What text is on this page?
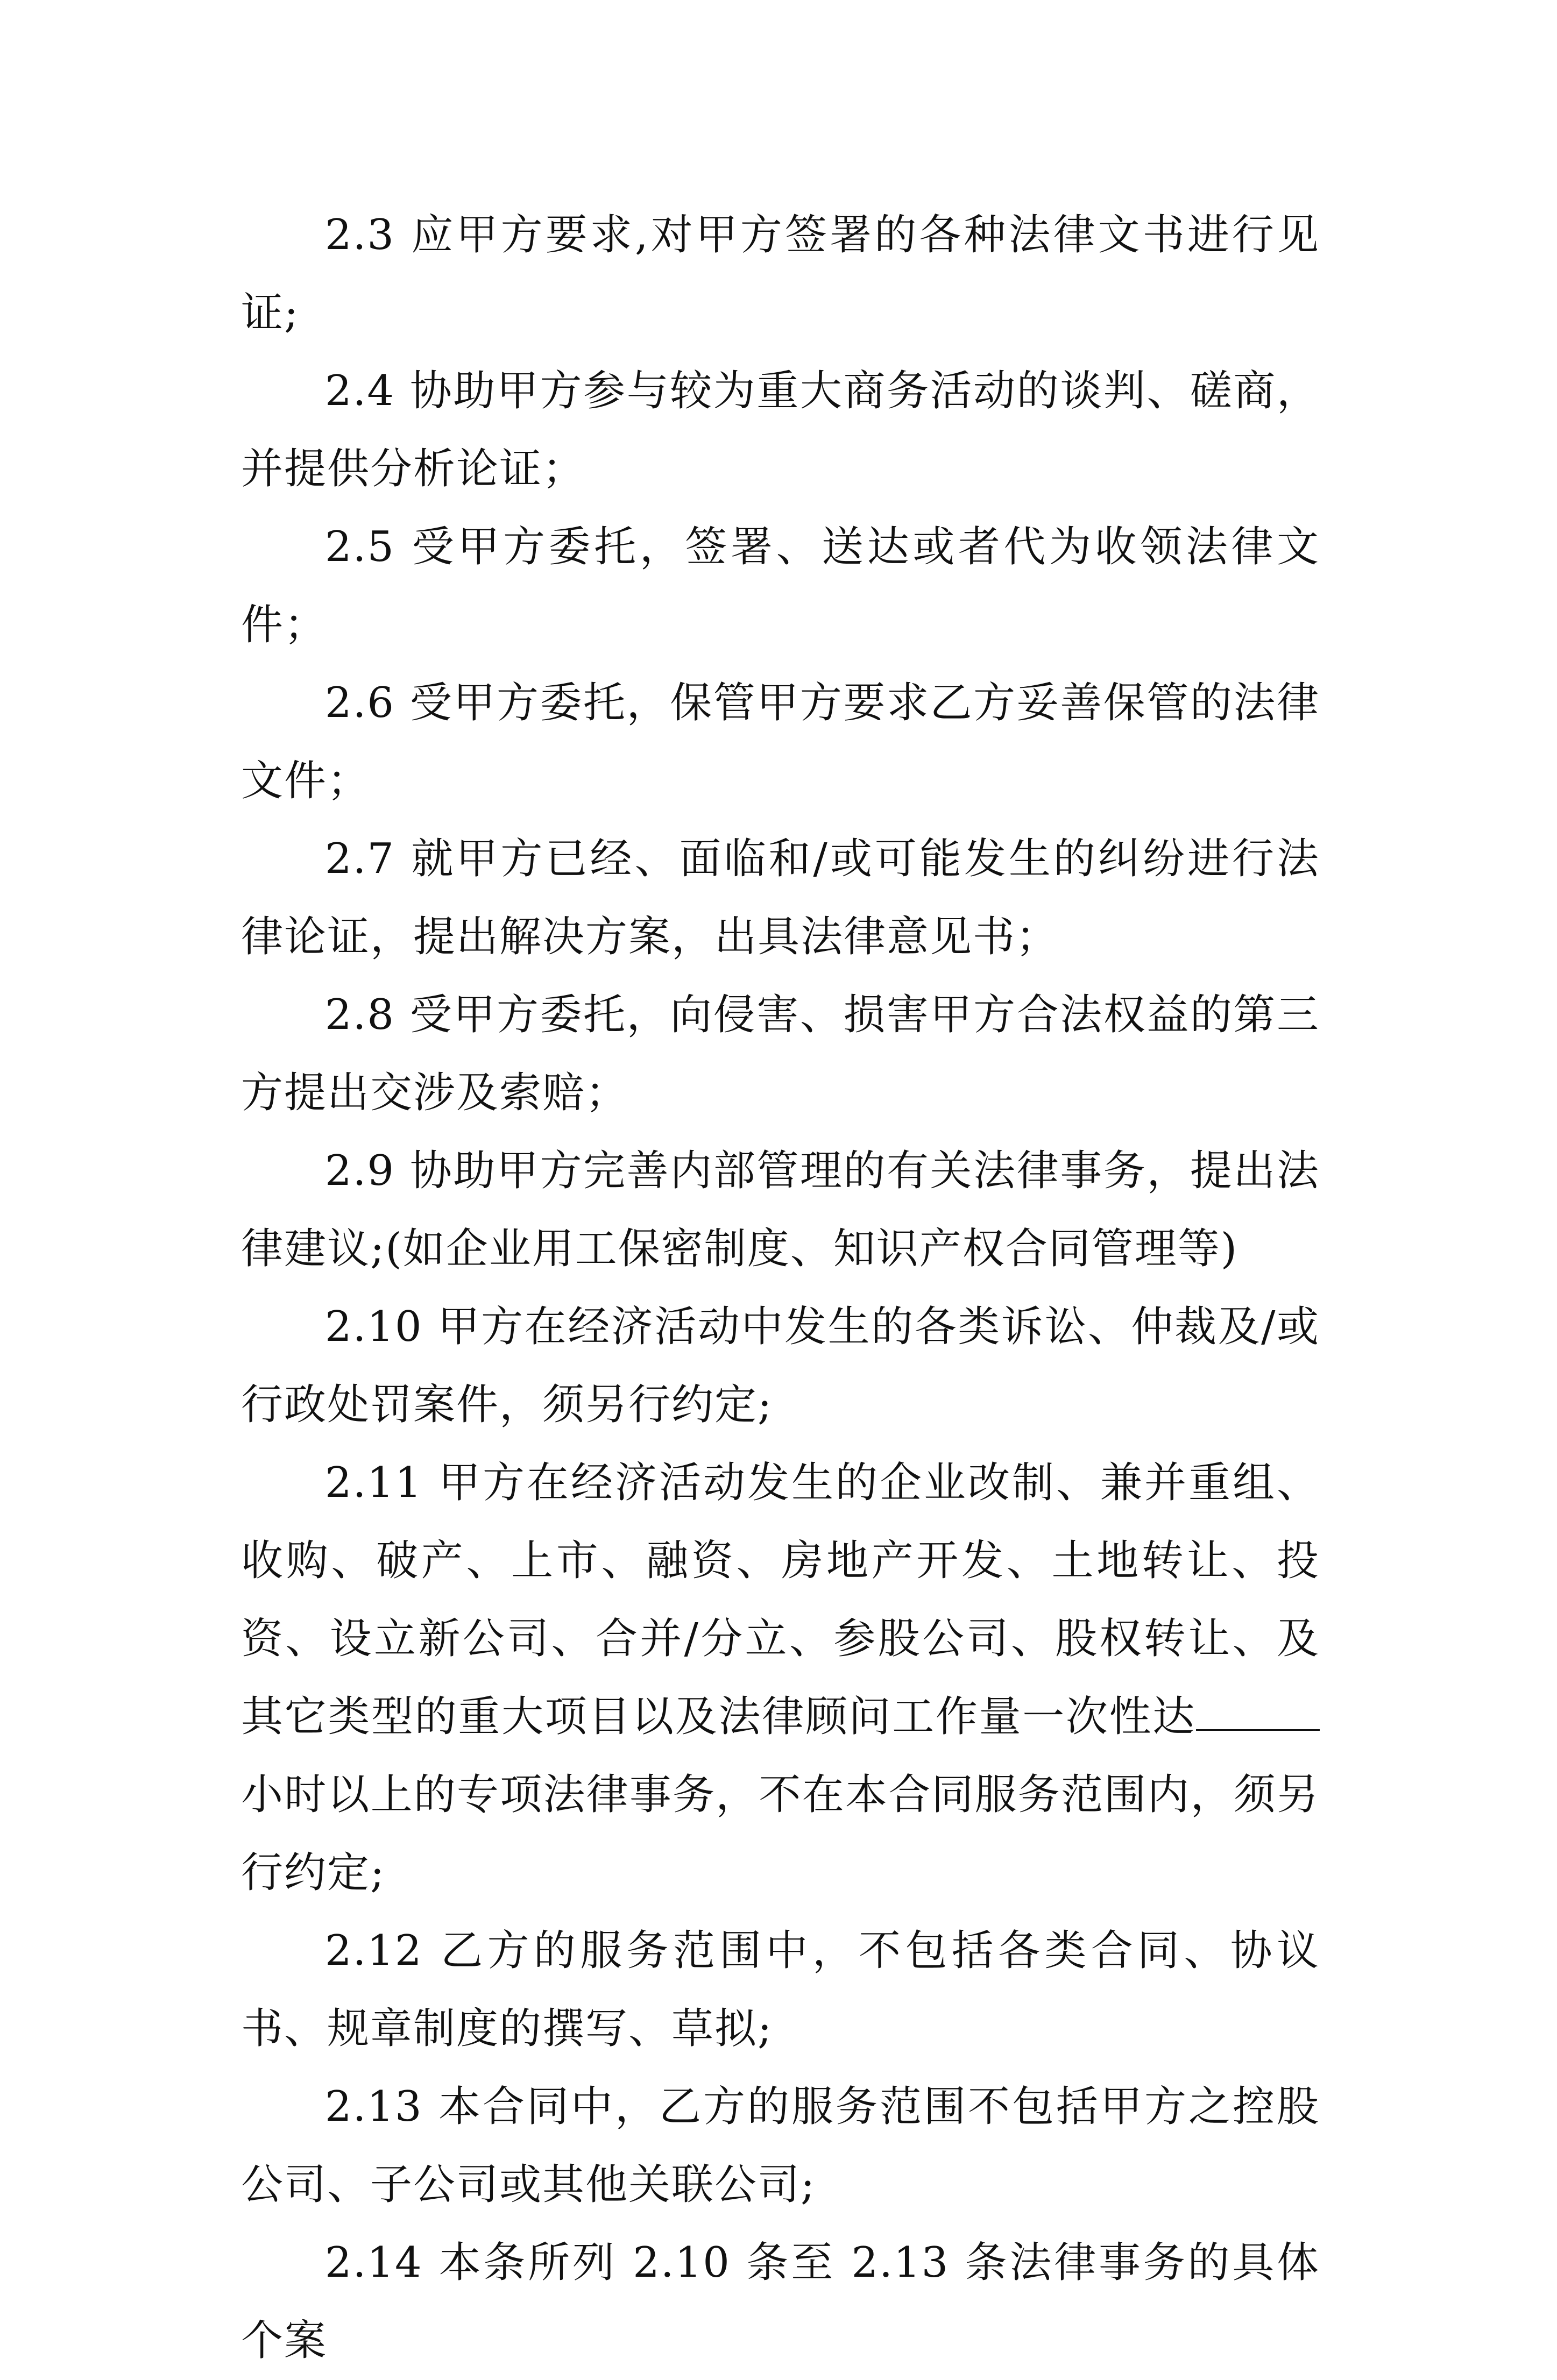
2.3 应甲方要求,对甲方签署的各种法律文书进行见证;

2.4 协助甲方参与较为重大商务活动的谈判、磋商，并提供分析论证；

2.5 受甲方委托，签署、送达或者代为收领法律文件；

2.6 受甲方委托，保管甲方要求乙方妥善保管的法律文件；

2.7 就甲方已经、面临和/或可能发生的纠纷进行法律论证，提出解决方案，出具法律意见书；

2.8 受甲方委托，向侵害、损害甲方合法权益的第三方提出交涉及索赔；

2.9 协助甲方完善内部管理的有关法律事务，提出法律建议;(如企业用工保密制度、知识产权合同管理等)

2.10 甲方在经济活动中发生的各类诉讼、仲裁及/或行政处罚案件，须另行约定;

2.11 甲方在经济活动发生的企业改制、兼并重组、收购、破产、上市、融资、房地产开发、土地转让、投资、设立新公司、合并/分立、参股公司、股权转让、及其它类型的重大项目以及法律顾问工作量一次性达小时以上的专项法律事务，不在本合同服务范围内，须另行约定;

2.12 乙方的服务范围中，不包括各类合同、协议书、规章制度的撰写、草拟;

2.13 本合同中，乙方的服务范围不包括甲方之控股公司、子公司或其他关联公司;

2.14 本条所列 2.10 条至 2.13 条法律事务的具体个案
